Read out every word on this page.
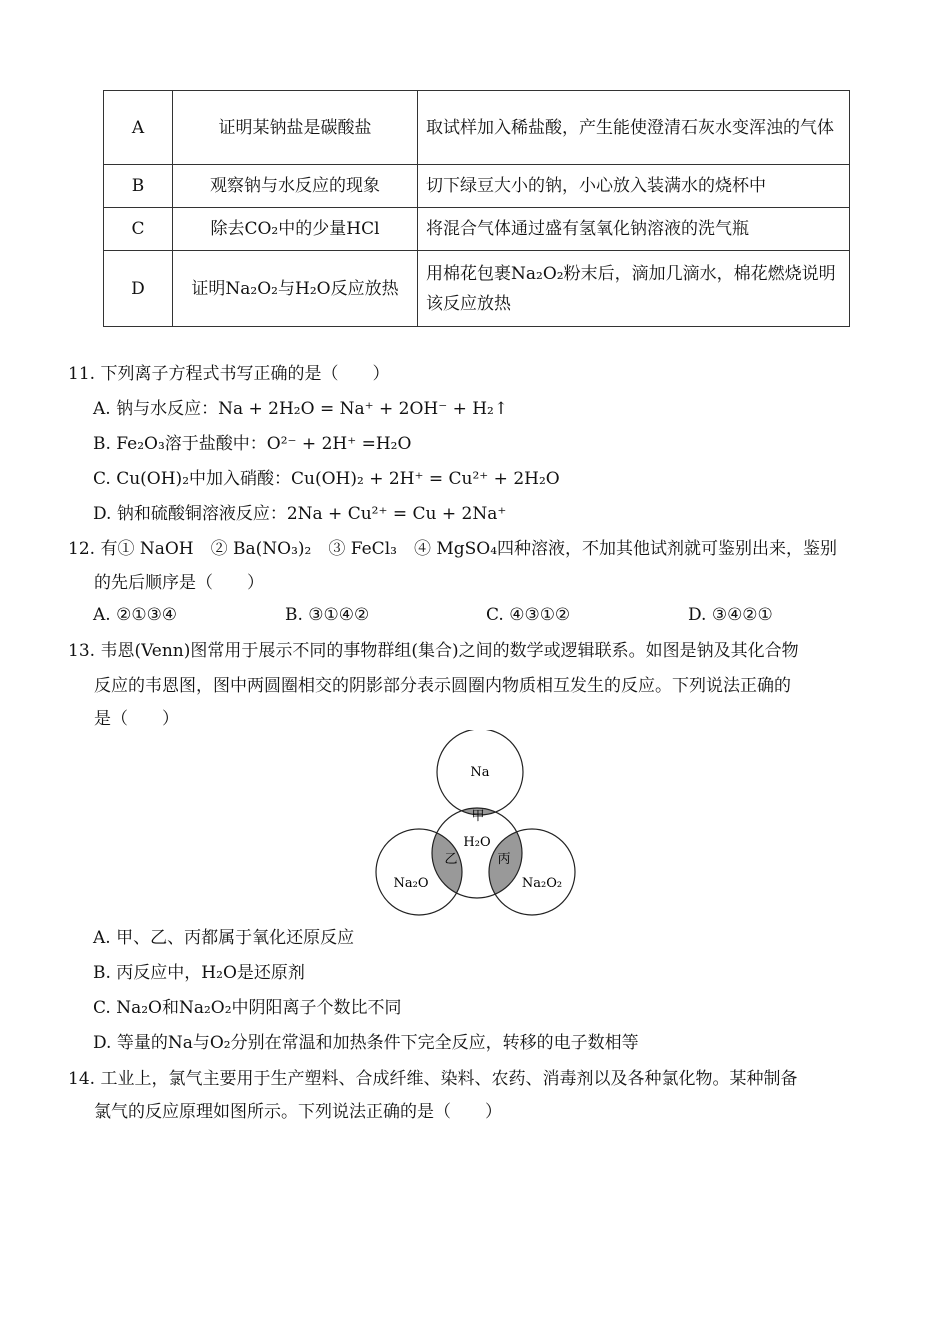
A	证明某钠盐是碳酸盐	取试样加入稀盐酸，产生能使澄清石灰水变浑浊的气体
B	观察钠与水反应的现象	切下绿豆大小的钠，小心放入装满水的烧杯中
C	除去CO₂中的少量HCl	将混合气体通过盛有氢氧化钠溶液的洗气瓶
D	证明Na₂O₂与H₂O反应放热	用棉花包裹Na₂O₂粉末后，滴加几滴水，棉花燃烧说明该反应放热
11. 下列离子方程式书写正确的是（　　）
A. 钠与水反应：Na + 2H₂O = Na⁺ + 2OH⁻ + H₂↑
B. Fe₂O₃溶于盐酸中：O²⁻ + 2H⁺ =H₂O
C. Cu(OH)₂中加入硝酸：Cu(OH)₂ + 2H⁺ = Cu²⁺ + 2H₂O
D. 钠和硫酸铜溶液反应：2Na + Cu²⁺ = Cu + 2Na⁺
12. 有① NaOH　② Ba(NO₃)₂　③ FeCl₃　④ MgSO₄四种溶液，不加其他试剂就可鉴别出来，鉴别
的先后顺序是（　　）
A. ②①③④	B. ③①④②	C. ④③①②	D. ③④②①
13. 韦恩(Venn)图常用于展示不同的事物群组(集合)之间的数学或逻辑联系。如图是钠及其化合物
反应的韦恩图，图中两圆圈相交的阴影部分表示圆圈内物质相互发生的反应。下列说法正确的
是（　　）
Na
H₂O
Na₂O	Na₂O₂
甲
乙	丙
A. 甲、乙、丙都属于氧化还原反应
B. 丙反应中，H₂O是还原剂
C. Na₂O和Na₂O₂中阴阳离子个数比不同
D. 等量的Na与O₂分别在常温和加热条件下完全反应，转移的电子数相等
14. 工业上，氯气主要用于生产塑料、合成纤维、染料、农药、消毒剂以及各种氯化物。某种制备
氯气的反应原理如图所示。下列说法正确的是（　　）
